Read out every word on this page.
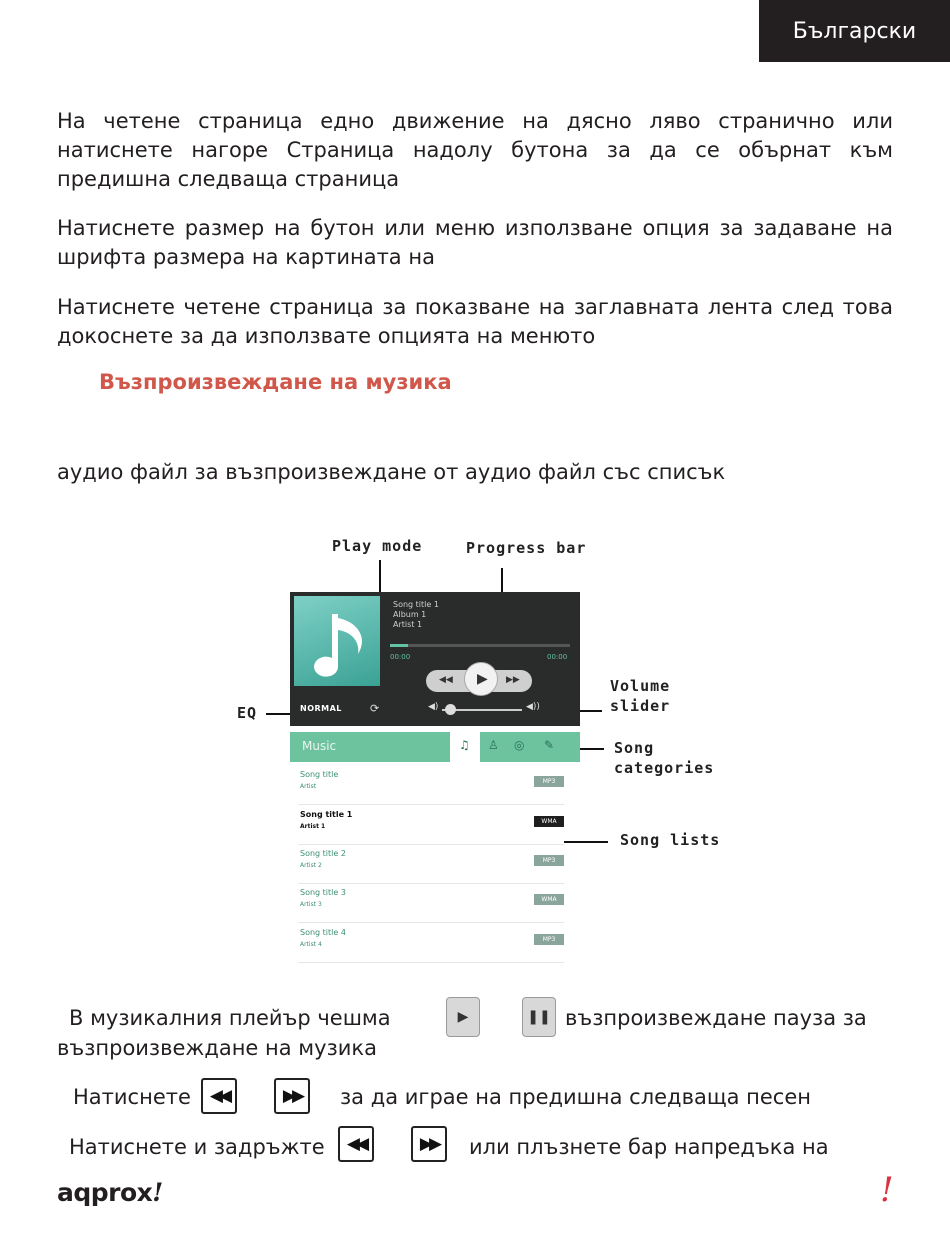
Български

На четене страница едно движение на дясно ляво странично или натиснете нагоре Страница надолу бутона за да се обърнат към предишна следваща страница

Натиснете размер на бутон или меню използване опция за задаване на шрифта размера на картината на

Натиснете четене страница за показване на заглавната лента след това докоснете за да използвате опцията на менюто

Възпроизвеждане на музика

аудио файл за възпроизвеждане от аудио файл със списък

Play mode	Progress bar
Volume
slider
EQ
Song
categories
Song lists
Song title 1
Album 1
Artist 1
00:00	00:00
◀◀	▶▶
▶
NORMAL	⟳	◀)	◀))
Music	♫ ♙ ◎ ✎
Song title
Artist
MP3
Song title 1
Artist 1
WMA
Song title 2
Artist 2
MP3
Song title 3
Artist 3
WMA
Song title 4
Artist 4
MP3
В музикалния плейър чешма	▶	❚❚ възпроизвеждане пауза за
възпроизвеждане на музика
Натиснете	◀◀	▶▶	за да играе на предишна следваща песен
Натиснете и задръжте	◀◀	▶▶	или плъзнете бар напредъка на
aqprox!	!
